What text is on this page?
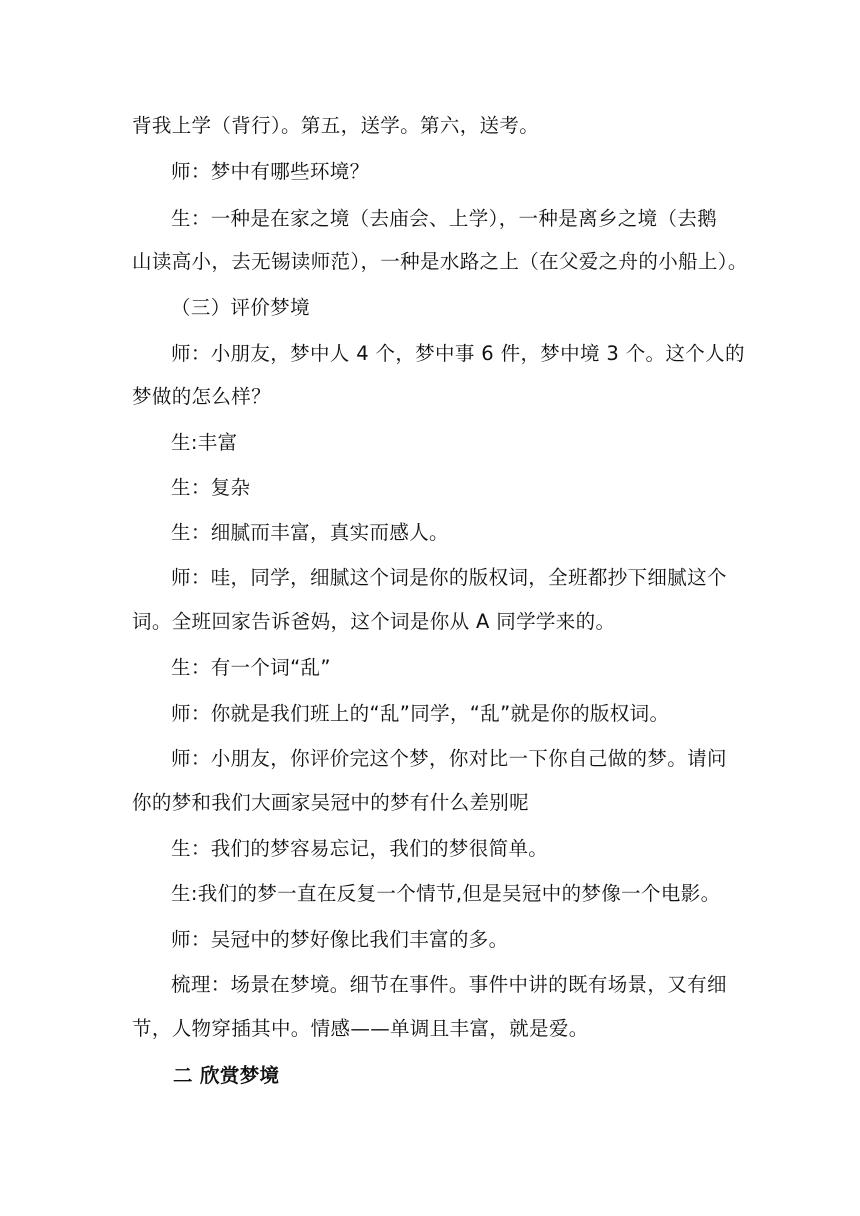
背我上学（背行）。第五，送学。第六，送考。
师：梦中有哪些环境？
生：一种是在家之境（去庙会、上学），一种是离乡之境（去鹅
山读高小，去无锡读师范），一种是水路之上（在父爱之舟的小船上）。
（三）评价梦境
师：小朋友，梦中人 4 个，梦中事 6 件，梦中境 3 个。这个人的
梦做的怎么样？
生:丰富
生：复杂
生：细腻而丰富，真实而感人。
师：哇，同学，细腻这个词是你的版权词，全班都抄下细腻这个
词。全班回家告诉爸妈，这个词是你从 A 同学学来的。
生：有一个词“乱”
师：你就是我们班上的“乱”同学，“乱”就是你的版权词。
师：小朋友，你评价完这个梦，你对比一下你自己做的梦。请问
你的梦和我们大画家吴冠中的梦有什么差别呢
生：我们的梦容易忘记，我们的梦很简单。
生:我们的梦一直在反复一个情节,但是吴冠中的梦像一个电影。
师：吴冠中的梦好像比我们丰富的多。
梳理：场景在梦境。细节在事件。事件中讲的既有场景，又有细
节，人物穿插其中。情感——单调且丰富，就是爱。
二 欣赏梦境
